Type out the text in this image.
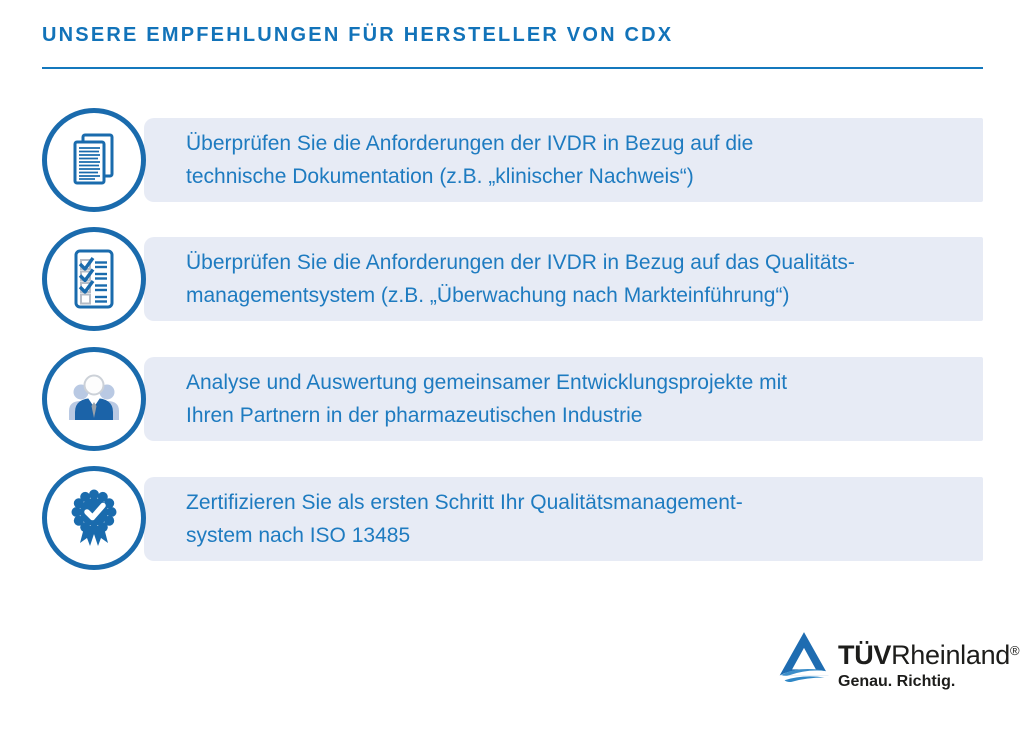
UNSERE EMPFEHLUNGEN FÜR HERSTELLER VON CDX
Überprüfen Sie die Anforderungen der IVDR in Bezug auf die
technische Dokumentation (z.B. „klinischer Nachweis“)
Überprüfen Sie die Anforderungen der IVDR in Bezug auf das Qualitäts-
managementsystem (z.B. „Überwachung nach Markteinführung“)
Analyse und Auswertung gemeinsamer Entwicklungsprojekte mit
Ihren Partnern in der pharmazeutischen Industrie
Zertifizieren Sie als ersten Schritt Ihr Qualitätsmanagement-
system nach ISO 13485
TÜVRheinland®
Genau. Richtig.
